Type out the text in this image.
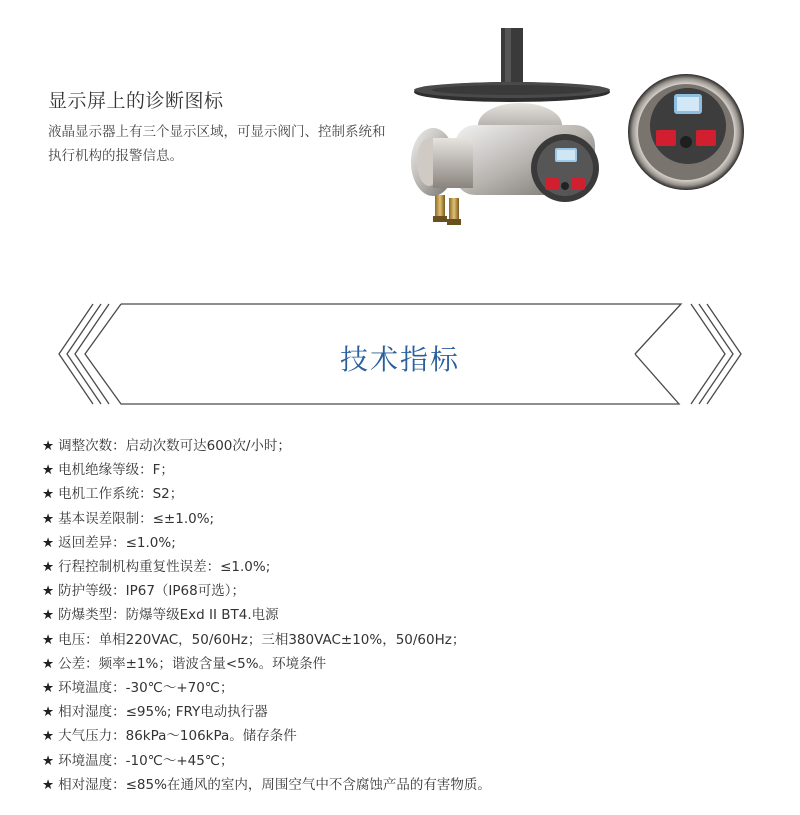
显示屏上的诊断图标
液晶显示器上有三个显示区域，可显示阀门、控制系统和执行机构的报警信息。
技术指标
★ 调整次数：启动次数可达600次/小时；
★ 电机绝缘等级：F；
★ 电机工作系统：S2；
★ 基本误差限制：≤±1.0%;
★ 返回差异：≤1.0%;
★ 行程控制机构重复性误差：≤1.0%;
★ 防护等级：IP67（IP68可选）；
★ 防爆类型：防爆等级Exd II BT4.电源
★ 电压：单相220VAC，50/60Hz；三相380VAC±10%，50/60Hz；
★ 公差：频率±1%；谐波含量<5%。环境条件
★ 环境温度：-30℃～+70℃；
★ 相对湿度：≤95%; FRY电动执行器
★ 大气压力：86kPa～106kPa。储存条件
★ 环境温度：-10℃～+45℃；
★ 相对湿度：≤85%在通风的室内，周围空气中不含腐蚀产品的有害物质。
